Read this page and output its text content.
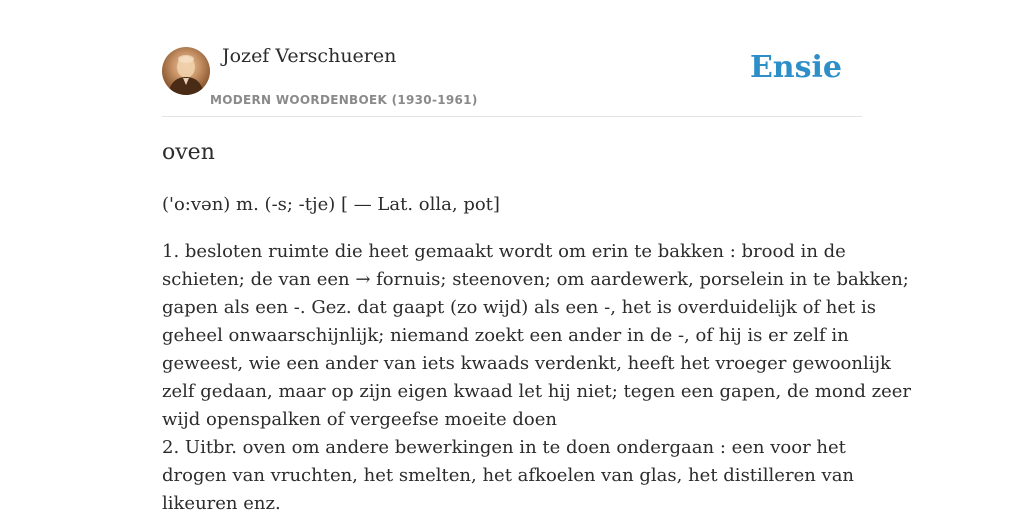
Jozef Verschueren
MODERN WOORDENBOEK (1930-1961)
Ensie
oven
('o:vən) m. (-s; -tje) [ — Lat. olla, pot]
1. besloten ruimte die heet gemaakt wordt om erin te bakken : brood in de
schieten; de van een → fornuis; steenoven; om aardewerk, porselein in te bakken;
gapen als een -. Gez. dat gaapt (zo wijd) als een -, het is overduidelijk of het is
geheel onwaarschijnlijk; niemand zoekt een ander in de -, of hij is er zelf in
geweest, wie een ander van iets kwaads verdenkt, heeft het vroeger gewoonlijk
zelf gedaan, maar op zijn eigen kwaad let hij niet; tegen een gapen, de mond zeer
wijd openspalken of vergeefse moeite doen
2. Uitbr. oven om andere bewerkingen in te doen ondergaan : een voor het
drogen van vruchten, het smelten, het afkoelen van glas, het distilleren van
likeuren enz.
